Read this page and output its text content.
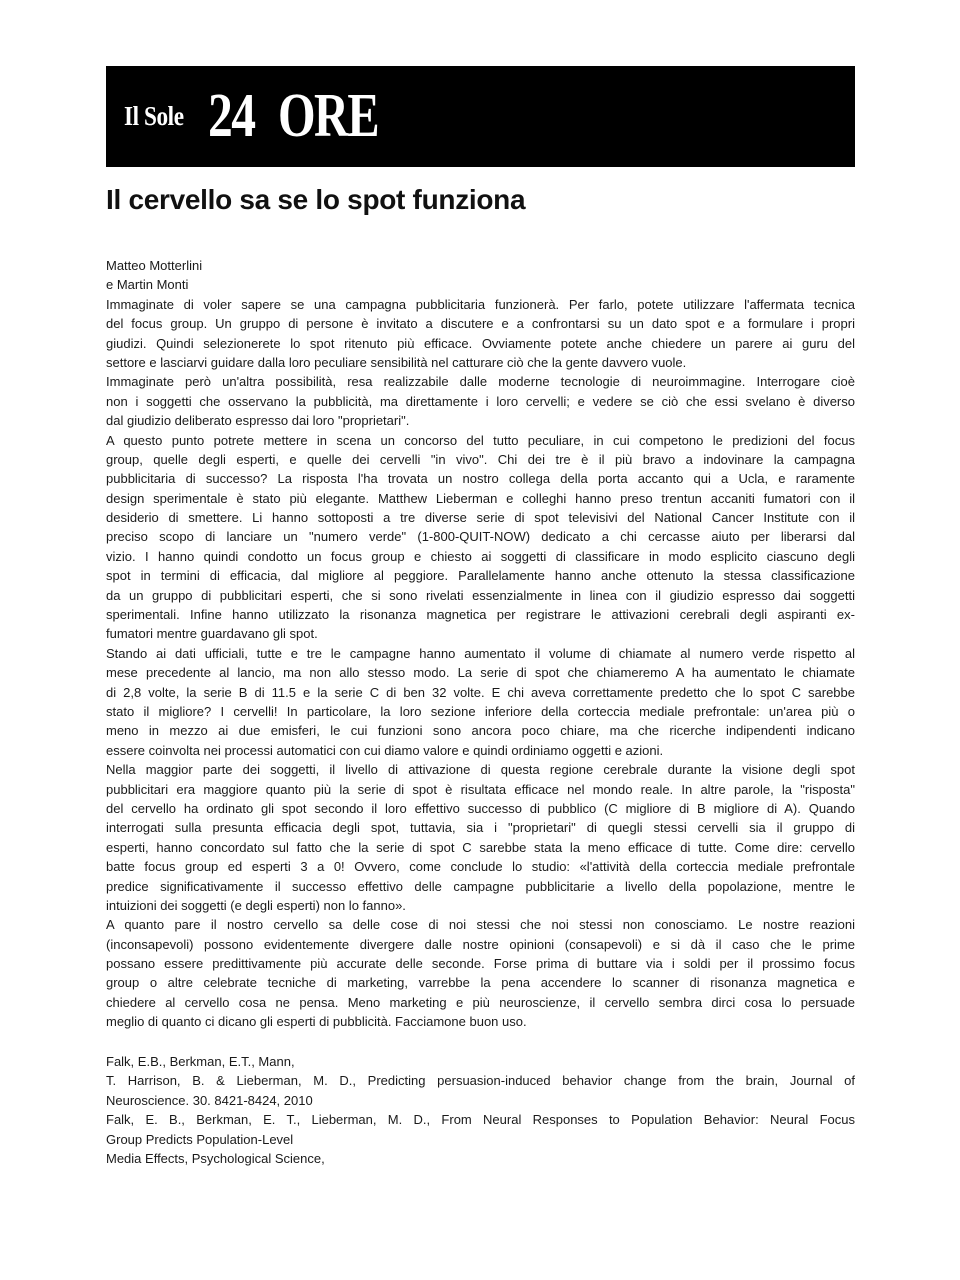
Il Sole 24 ORE
Il cervello sa se lo spot funziona
Matteo Motterlini
e Martin Monti
Immaginate di voler sapere se una campagna pubblicitaria funzionerà. Per farlo, potete utilizzare l'affermata tecnica
del focus group. Un gruppo di persone è invitato a discutere e a confrontarsi su un dato spot e a formulare i propri
giudizi. Quindi selezionerete lo spot ritenuto più efficace. Ovviamente potete anche chiedere un parere ai guru del
settore e lasciarvi guidare dalla loro peculiare sensibilità nel catturare ciò che la gente davvero vuole.
Immaginate però un'altra possibilità, resa realizzabile dalle moderne tecnologie di neuroimmagine. Interrogare cioè
non i soggetti che osservano la pubblicità, ma direttamente i loro cervelli; e vedere se ciò che essi svelano è diverso
dal giudizio deliberato espresso dai loro "proprietari".
A questo punto potrete mettere in scena un concorso del tutto peculiare, in cui competono le predizioni del focus
group, quelle degli esperti, e quelle dei cervelli "in vivo". Chi dei tre è il più bravo a indovinare la campagna
pubblicitaria di successo? La risposta l'ha trovata un nostro collega della porta accanto qui a Ucla, e raramente
design sperimentale è stato più elegante. Matthew Lieberman e colleghi hanno preso trentun accaniti fumatori con il
desiderio di smettere. Li hanno sottoposti a tre diverse serie di spot televisivi del National Cancer Institute con il
preciso scopo di lanciare un "numero verde" (1-800-QUIT-NOW) dedicato a chi cercasse aiuto per liberarsi dal
vizio. I hanno quindi condotto un focus group e chiesto ai soggetti di classificare in modo esplicito ciascuno degli
spot in termini di efficacia, dal migliore al peggiore. Parallelamente hanno anche ottenuto la stessa classificazione
da un gruppo di pubblicitari esperti, che si sono rivelati essenzialmente in linea con il giudizio espresso dai soggetti
sperimentali. Infine hanno utilizzato la risonanza magnetica per registrare le attivazioni cerebrali degli aspiranti ex-
fumatori mentre guardavano gli spot.
Stando ai dati ufficiali, tutte e tre le campagne hanno aumentato il volume di chiamate al numero verde rispetto al
mese precedente al lancio, ma non allo stesso modo. La serie di spot che chiameremo A ha aumentato le chiamate
di 2,8 volte, la serie B di 11.5 e la serie C di ben 32 volte. E chi aveva correttamente predetto che lo spot C sarebbe
stato il migliore? I cervelli! In particolare, la loro sezione inferiore della corteccia mediale prefrontale: un'area più o
meno in mezzo ai due emisferi, le cui funzioni sono ancora poco chiare, ma che ricerche indipendenti indicano
essere coinvolta nei processi automatici con cui diamo valore e quindi ordiniamo oggetti e azioni.
Nella maggior parte dei soggetti, il livello di attivazione di questa regione cerebrale durante la visione degli spot
pubblicitari era maggiore quanto più la serie di spot è risultata efficace nel mondo reale. In altre parole, la "risposta"
del cervello ha ordinato gli spot secondo il loro effettivo successo di pubblico (C migliore di B migliore di A). Quando
interrogati sulla presunta efficacia degli spot, tuttavia, sia i "proprietari" di quegli stessi cervelli sia il gruppo di
esperti, hanno concordato sul fatto che la serie di spot C sarebbe stata la meno efficace di tutte. Come dire: cervello
batte focus group ed esperti 3 a 0! Ovvero, come conclude lo studio: «l'attività della corteccia mediale prefrontale
predice significativamente il successo effettivo delle campagne pubblicitarie a livello della popolazione, mentre le
intuizioni dei soggetti (e degli esperti) non lo fanno».
A quanto pare il nostro cervello sa delle cose di noi stessi che noi stessi non conosciamo. Le nostre reazioni
(inconsapevoli) possono evidentemente divergere dalle nostre opinioni (consapevoli) e si dà il caso che le prime
possano essere predittivamente più accurate delle seconde. Forse prima di buttare via i soldi per il prossimo focus
group o altre celebrate tecniche di marketing, varrebbe la pena accendere lo scanner di risonanza magnetica e
chiedere al cervello cosa ne pensa. Meno marketing e più neuroscienze, il cervello sembra dirci cosa lo persuade
meglio di quanto ci dicano gli esperti di pubblicità. Facciamone buon uso.
Falk, E.B., Berkman, E.T., Mann,
T. Harrison, B. & Lieberman, M. D., Predicting persuasion-induced behavior change from the brain, Journal of
Neuroscience. 30. 8421-8424, 2010
Falk, E. B., Berkman, E. T., Lieberman, M. D., From Neural Responses to Population Behavior: Neural Focus
Group Predicts Population-Level
Media Effects, Psychological Science,
